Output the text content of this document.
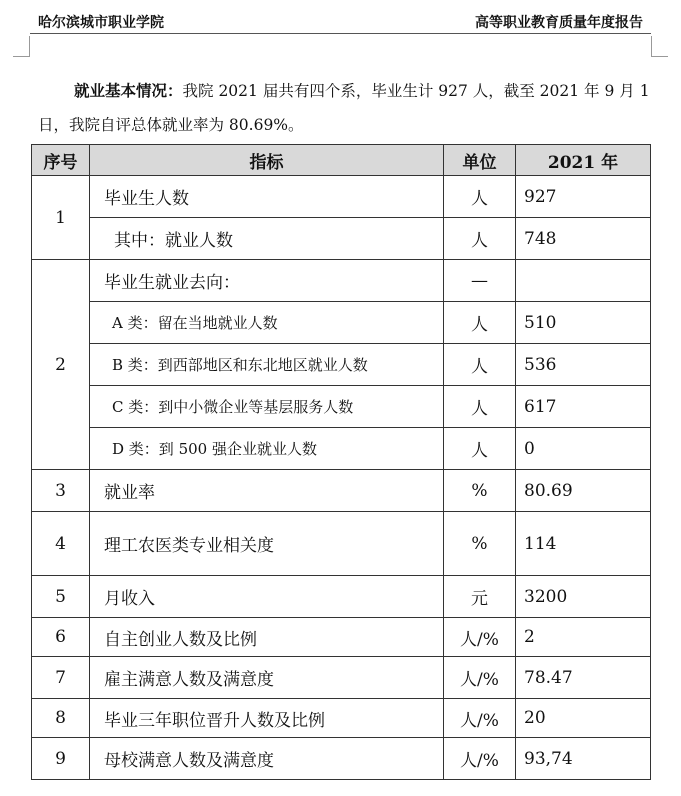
哈尔滨城市职业学院	高等职业教育质量年度报告
就业基本情况：我院 2021 届共有四个系，毕业生计 927 人，截至 2021 年 9 月 1 日，我院自评总体就业率为 80.69%。
序号	指标	单位	2021 年
1	毕业生人数	人	927
	其中：就业人数	人	748
2	毕业生就业去向：	—	
	A 类：留在当地就业人数	人	510
	B 类：到西部地区和东北地区就业人数	人	536
	C 类：到中小微企业等基层服务人数	人	617
	D 类：到 500 强企业就业人数	人	0
3	就业率	%	80.69
4	理工农医类专业相关度	%	114
5	月收入	元	3200
6	自主创业人数及比例	人/%	2
7	雇主满意人数及满意度	人/%	78.47
8	毕业三年职位晋升人数及比例	人/%	20
9	母校满意人数及满意度	人/%	93,74
